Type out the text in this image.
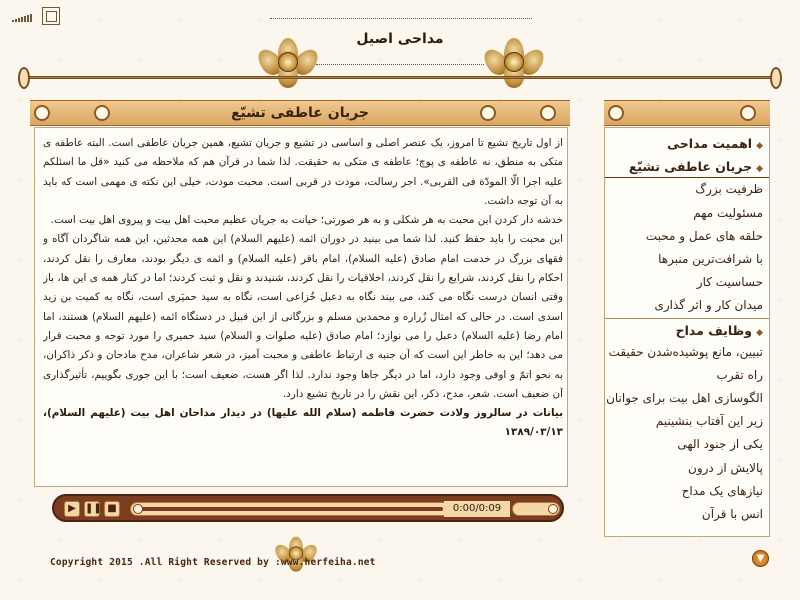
مداحی اصیل
جریان عاطفی تشیّع

از اول تاریخ تشیع تا امروز، یک عنصر اصلی و اساسی در تشیع و جریان تشیع، همین جریان عاطفی است. البته عاطفه ی متکی به منطق، نه عاطفه ی پوچ؛ عاطفه ی متکی به حقیقت. لذا شما در قرآن هم که ملاحظه می کنید «قل ما اسئلکم علیه اجرا الّا المودّة فی القربی». اجر رسالت، مودت در قربی است. محبت مودت، خیلی این نکته ی مهمی است که باید به آن توجه داشت.

خدشه دار کردن این محبت به هر شکلی و به هر صورتی؛ خیانت به جریان عظیم محبت اهل بیت و پیروی اهل بیت است.

این محبت را باید حفظ کنید. لذا شما می بینید در دوران ائمه (علیهم السلام) این همه محدثین، این همه شاگردان آگاه و فقهای بزرگ در خدمت امام صادق (علیه السلام)، امام باقر (علیه السلام) و ائمه ی دیگر بودند، معارف را نقل کردند، احکام را نقل کردند، شرایع را نقل کردند، اخلاقیات را نقل کردند، شنیدند و نقل و ثبت کردند؛ اما در کنار همه ی این ها، باز وقتی انسان درست نگاه می کند، می بیند نگاه به دعبل خُزاعی است، نگاه به سید حمیَری است، نگاه به کمیت بن زید اسدی است. در حالی که امثال زُراره و محمدبن مسلم و بزرگانی از این قبیل در دستگاه ائمه (علیهم السلام) هستند، اما امام رضا (علیه السلام) دعبل را می نوازد؛ امام صادق (علیه صلوات و السلام) سید حمیری را مورد توجه و محبت قرار می دهد؛ این به خاطر این است که آن جنبه ی ارتباط عاطفی و محبت آمیز، در شعر شاعران، مدح مادحان و ذکر ذاکران، به نحو اتمّ و اوفی وجود دارد، اما در دیگر جاها وجود ندارد. لذا اگر هست، ضعیف است؛ با این جوری بگوییم، تأثیرگذاری آن ضعیف است. شعر، مدح، ذکر، این نقش را در تاریخ تشیع دارد.

بیانات در سالروز ولادت حضرت فاطمه (سلام الله علیها) در دیدار مداحان اهل بیت (علیهم السلام)، ۱۳۸۹/۰۳/۱۳

▶ ❚❚ ■	0:00/0:09
◆اهمیت مداحی
◆جریان عاطفی تشیّع
ظرفیت بزرگ
مسئولیت مهم
حلقه های عمل و محبت
با شرافت‌ترین منبرها
حساسیت کار
میدان کار و اثر گذاری
◆وظایف مداح
تبیین، مانع پوشیده‌شدن حقیقت
راه تقرب
الگوسازی اهل بیت برای جوانان
زیر این آفتاب بنشینیم
یکی از جنود الهی
پالایش از درون
نیازهای یک مداح
انس با قرآن
▼
Copyright 2015 .All Right Reserved by :www.herfeiha.net
